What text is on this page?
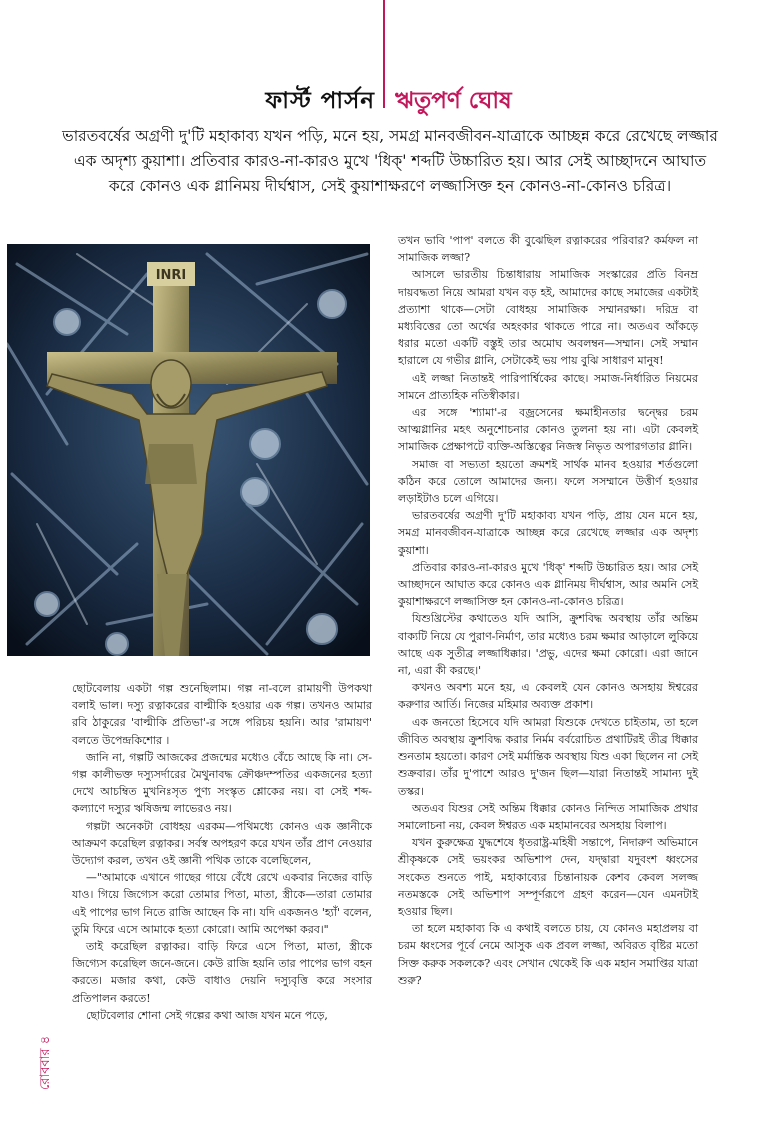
ফার্স্ট পার্সন ঋতুপর্ণ ঘোষ
ভারতবর্ষের অগ্রণী দু'টি মহাকাব্য যখন পড়ি, মনে হয়, সমগ্র মানবজীবন-যাত্রাকে আচ্ছন্ন করে রেখেছে লজ্জার এক অদৃশ্য কুয়াশা। প্রতিবার কারও-না-কারও মুখে 'ধিক্' শব্দটি উচ্চারিত হয়। আর সেই আচ্ছাদনে আঘাত করে কোনও এক গ্লানিময় দীর্ঘশ্বাস, সেই কুয়াশাক্ষরণে লজ্জাসিক্ত হন কোনও-না-কোনও চরিত্র।
INRI

ছোটবেলায় একটা গল্প শুনেছিলাম। গল্প না-বলে রামায়ণী উপকথা বলাই ভাল। দস্যু রত্নাকরের বাল্মীকি হওয়ার এক গল্প। তখনও আমার রবি ঠাকুরের 'বাল্মীকি প্রতিভা'-র সঙ্গে পরিচয় হয়নি। আর 'রামায়ণ' বলতে উপেন্দ্রকিশোর ।

জানি না, গল্পটি আজকের প্রজন্মের মধ্যেও বেঁচে আছে কি না। সে-গল্প কালীভক্ত দস্যুসর্দারের মৈথুনাবদ্ধ ক্রৌঞ্চদম্পতির একজনের হত্যা দেখে আচম্বিত মুখনিঃসৃত পুণ্য সংস্কৃত শ্লোকের নয়। বা সেই শব্দ-কল্যাণে দস্যুর ঋষিজন্ম লাভেরও নয়।

গল্পটা অনেকটা বোধহয় এরকম—পথিমধ্যে কোনও এক জ্ঞানীকে আক্রমণ করেছিল রত্নাকর। সর্বস্ব অপহরণ করে যখন তাঁর প্রাণ নেওয়ার উদ্যোগ করল, তখন ওই জ্ঞানী পথিক তাকে বলেছিলেন,

—"আমাকে এখানে গাছের গায়ে বেঁধে রেখে একবার নিজের বাড়ি যাও। গিয়ে জিগ্যেস করো তোমার পিতা, মাতা, স্ত্রীকে—তারা তোমার এই পাপের ভাগ নিতে রাজি আছেন কি না। যদি একজনও 'হ্যাঁ' বলেন, তুমি ফিরে এসে আমাকে হত্যা কোরো। আমি অপেক্ষা করব।"

তাই করেছিল রত্নাকর। বাড়ি ফিরে এসে পিতা, মাতা, স্ত্রীকে জিগ্যেস করেছিল জনে-জনে। কেউ রাজি হয়নি তার পাপের ভাগ বহন করতে। মজার কথা, কেউ বাধাও দেয়নি দস্যুবৃত্তি করে সংসার প্রতিপালন করতে!

ছোটবেলার শোনা সেই গল্পের কথা আজ যখন মনে পড়ে,

তখন ভাবি 'পাপ' বলতে কী বুঝেছিল রত্নাকরের পরিবার? কর্মফল না সামাজিক লজ্জা?

আসলে ভারতীয় চিন্তাধারায় সামাজিক সংস্কারের প্রতি বিনম্র দায়বদ্ধতা নিয়ে আমরা যখন বড় হই, আমাদের কাছে সমাজের একটাই প্রত্যাশা থাকে—সেটা বোধহয় সামাজিক সম্মানরক্ষা। দরিদ্র বা মধ্যবিত্তের তো অর্থের অহংকার থাকতে পারে না। অতএব আঁকড়ে ধরার মতো একটি বস্তুই তার অমোঘ অবলম্বন—সম্মান। সেই সম্মান হারালে যে গভীর গ্লানি, সেটাকেই ভয় পায় বুঝি সাধারণ মানুষ!

এই লজ্জা নিতান্তই পারিপার্শ্বিকের কাছে। সমাজ-নির্ধারিত নিয়মের সামনে প্রাত্যহিক নতিস্বীকার।

এর সঙ্গে 'শ্যামা'-র বজ্রসেনের ক্ষমাহীনতার দ্বন্দ্বের চরম আত্মগ্লানির মহৎ অনুশোচনার কোনও তুলনা হয় না। এটা কেবলই সামাজিক প্রেক্ষাপটে ব্যক্তি-অস্তিত্বের নিজস্ব নিভৃত অপারগতার গ্লানি।

সমাজ বা সভ্যতা হয়তো ক্রমশই সার্থক মানব হওয়ার শর্তগুলো কঠিন করে তোলে আমাদের জন্য। ফলে সসম্মানে উত্তীর্ণ হওয়ার লড়াইটাও চলে এগিয়ে।

ভারতবর্ষের অগ্রণী দু'টি মহাকাব্য যখন পড়ি, প্রায় যেন মনে হয়, সমগ্র মানবজীবন-যাত্রাকে আচ্ছন্ন করে রেখেছে লজ্জার এক অদৃশ্য কুয়াশা।

প্রতিবার কারও-না-কারও মুখে 'ধিক্' শব্দটি উচ্চারিত হয়। আর সেই আচ্ছাদনে আঘাত করে কোনও এক গ্লানিময় দীর্ঘশ্বাস, আর অমনি সেই কুয়াশাক্ষরণে লজ্জাসিক্ত হন কোনও-না-কোনও চরিত্র।

যিশুখ্রিস্টের কথাতেও যদি আসি, ক্রুশবিদ্ধ অবস্থায় তাঁর অন্তিম বাক্যটি নিয়ে যে পুরাণ-নির্মাণ, তার মধ্যেও চরম ক্ষমার আড়ালে লুকিয়ে আছে এক সুতীব্র লজ্জাধিক্কার। 'প্রভু, এদের ক্ষমা কোরো। এরা জানে না, এরা কী করছে।'

কখনও অবশ্য মনে হয়, এ কেবলই যেন কোনও অসহায় ঈশ্বরের করুণার আর্তি। নিজের মহিমার অব্যক্ত প্রকাশ।

এক জনতো হিসেবে যদি আমরা যিশুকে দেখতে চাইতাম, তা হলে জীবিত অবস্থায় ক্রুশবিদ্ধ করার নির্মম বর্বরোচিত প্রথাটিরই তীব্র ধিক্কার শুনতাম হয়তো। কারণ সেই মর্মান্তিক অবস্থায় যিশু একা ছিলেন না সেই শুক্রবার। তাঁর দু'পাশে আরও দু'জন ছিল—যারা নিতান্তই সামান্য দুই তস্কর।

অতএব যিশুর সেই অন্তিম ধিক্কার কোনও নিন্দিত সামাজিক প্রথার সমালোচনা নয়, কেবল ঈশ্বরত এক মহামানবের অসহায় বিলাপ।

যখন কুরুক্ষেত্র যুদ্ধশেষে ধৃতরাষ্ট্র-মহিষী সন্তাপে, নিদারুণ অভিমানে শ্রীকৃষ্ণকে সেই ভয়ংকর অভিশাপ দেন, যদ্দ্বারা যদুবংশ ধ্বংসের সংকেত শুনতে পাই, মহাকাব্যের চিন্তানায়ক কেশব কেবল সলজ্জ নতমস্তকে সেই অভিশাপ সম্পূর্ণরূপে গ্রহণ করেন—যেন এমনটাই হওয়ার ছিল।

তা হলে মহাকাব্য কি এ কথাই বলতে চায়, যে কোনও মহাপ্রলয় বা চরম ধ্বংসের পূর্বে নেমে আসুক এক প্রবল লজ্জা, অবিরত বৃষ্টির মতো সিক্ত করুক সকলকে? এবং সেখান থেকেই কি এক মহান সমাপ্তির যাত্রা শুরু?

রোববার ৪
